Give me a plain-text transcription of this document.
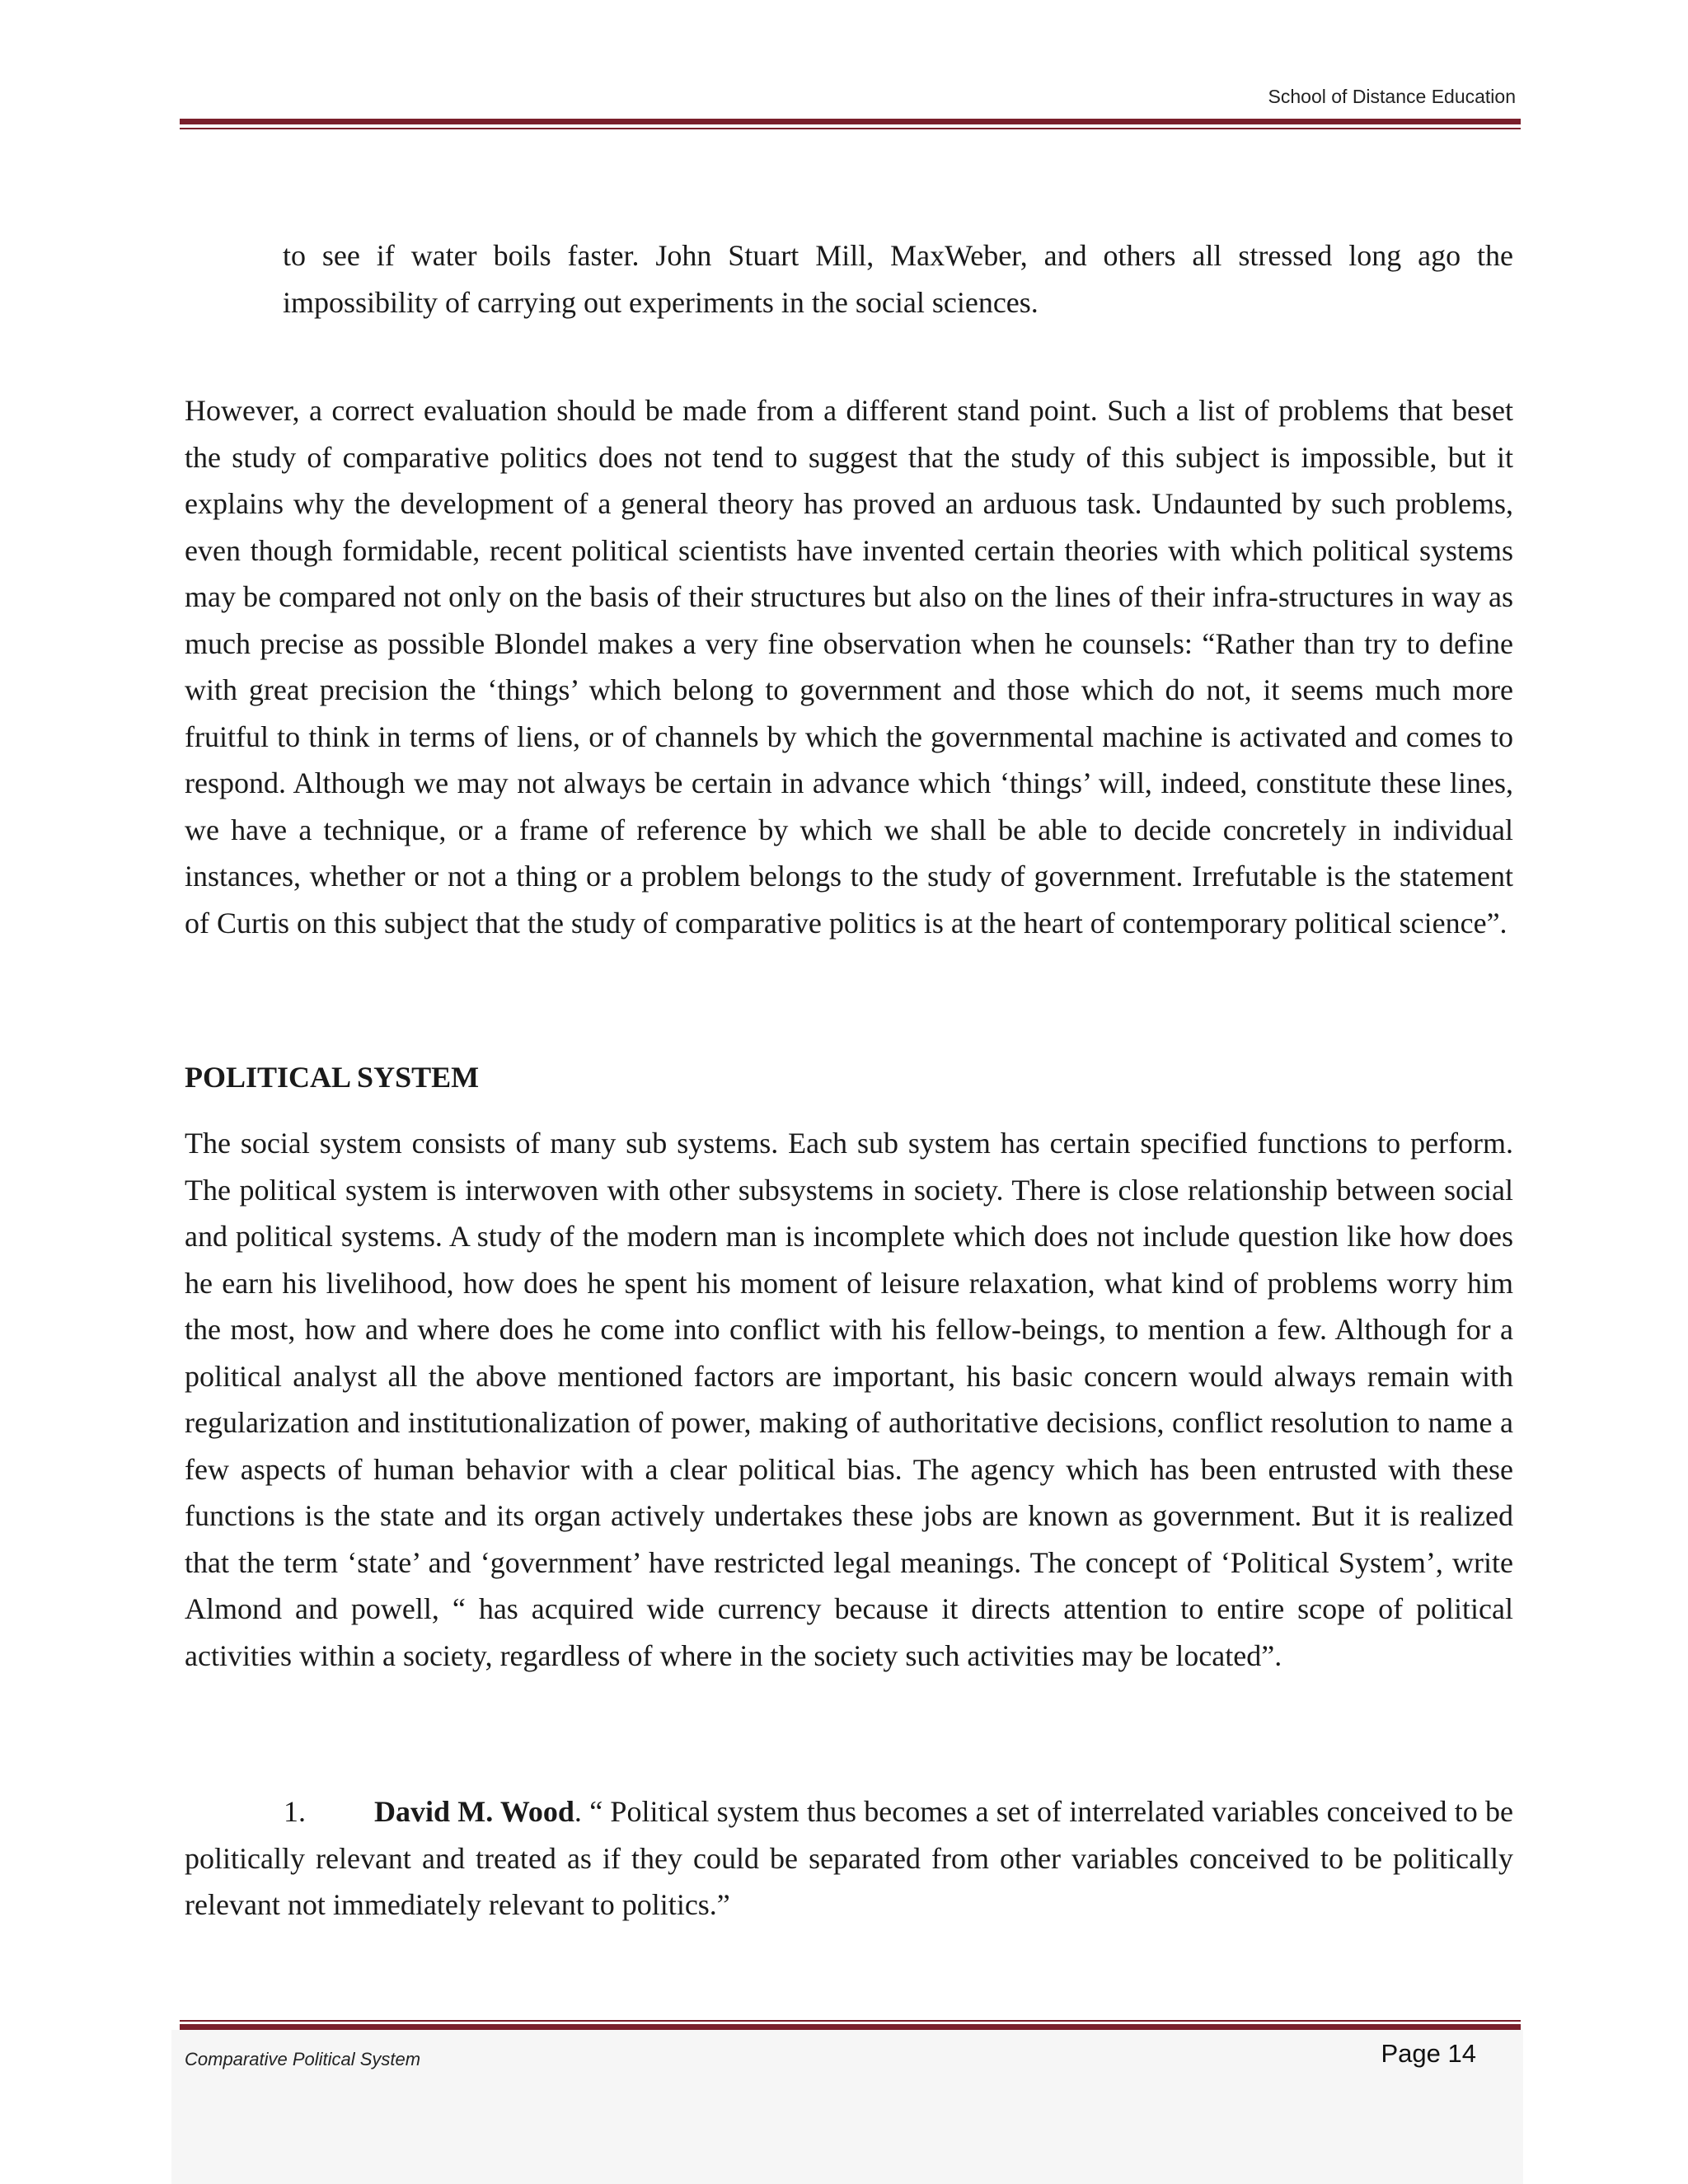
School of Distance Education
to see if water boils faster. John Stuart Mill, MaxWeber, and others all stressed long ago the impossibility of carrying out experiments in the social sciences.
However, a correct evaluation should be made from a different stand point. Such a list of problems that beset the study of comparative politics does not tend to suggest that the study of this subject is impossible, but it explains why the development of a general theory has proved an arduous task. Undaunted by such problems, even though formidable, recent political scientists have invented certain theories with which political systems may be compared not only on the basis of their structures but also on the lines of their infra-structures in way as much precise as possible Blondel makes a very fine observation when he counsels: “Rather than try to define with great precision the ‘things’ which belong to government and those which do not, it seems much more fruitful to think in terms of liens, or of channels by which the governmental machine is activated and comes to respond. Although we may not always be certain in advance which ‘things’ will, indeed, constitute these lines, we have a technique, or a frame of reference by which we shall be able to decide concretely in individual instances, whether or not a thing or a problem belongs to the study of government. Irrefutable is the statement of Curtis on this subject that the study of comparative politics is at the heart of contemporary political science”.
POLITICAL SYSTEM
The social system consists of many sub systems. Each sub system has certain specified functions to perform. The political system is interwoven with other subsystems in society. There is close relationship between social and political systems. A study of the modern man is incomplete which does not include question like how does he earn his livelihood, how does he spent his moment of leisure relaxation, what kind of problems worry him the most, how and where does he come into conflict with his fellow-beings, to mention a few. Although for a political analyst all the above mentioned factors are important, his basic concern would always remain with regularization and institutionalization of power, making of authoritative decisions, conflict resolution to name a few aspects of human behavior with a clear political bias. The agency which has been entrusted with these functions is the state and its organ actively undertakes these jobs are known as government. But it is realized that the term ‘state’ and ‘government’ have restricted legal meanings. The concept of ‘Political System’, write Almond and powell, “ has acquired wide currency because it directs attention to entire scope of political activities within a society, regardless of where in the society such activities may be located”.
1. David M. Wood. “ Political system thus becomes a set of interrelated variables conceived to be politically relevant and treated as if they could be separated from other variables conceived to be politically relevant not immediately relevant to politics.”
Comparative Political System	Page 14
